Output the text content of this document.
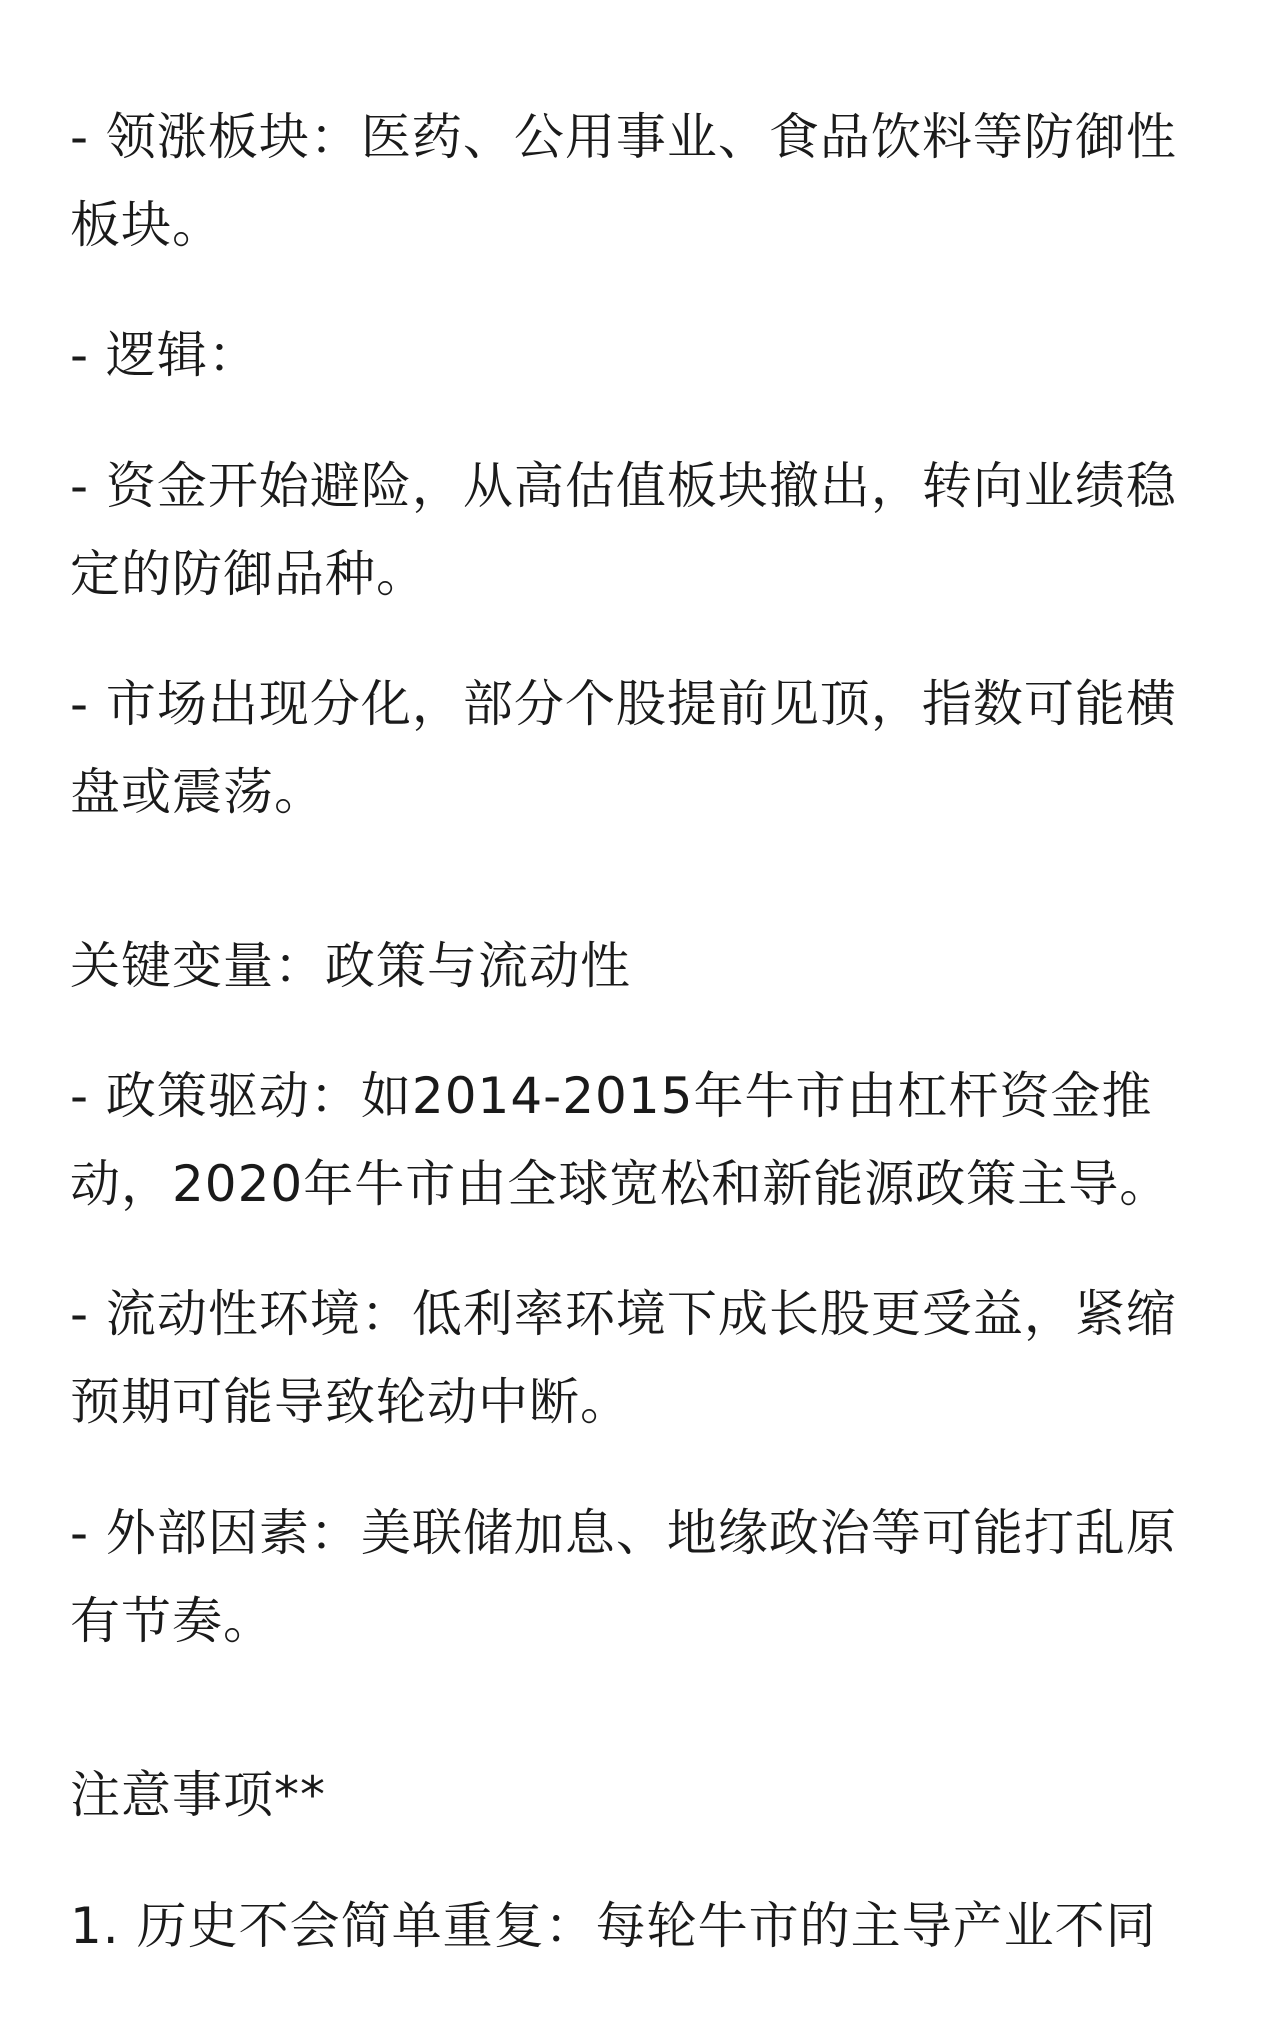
- 领涨板块：医药、公用事业、食品饮料等防御性板块。

- 逻辑：

- 资金开始避险，从高估值板块撤出，转向业绩稳定的防御品种。

- 市场出现分化，部分个股提前见顶，指数可能横盘或震荡。

关键变量：政策与流动性

- 政策驱动：如2014-2015年牛市由杠杆资金推动，2020年牛市由全球宽松和新能源政策主导。

- 流动性环境：低利率环境下成长股更受益，紧缩预期可能导致轮动中断。

- 外部因素：美联储加息、地缘政治等可能打乱原有节奏。

注意事项**

1. 历史不会简单重复：每轮牛市的主导产业不同
